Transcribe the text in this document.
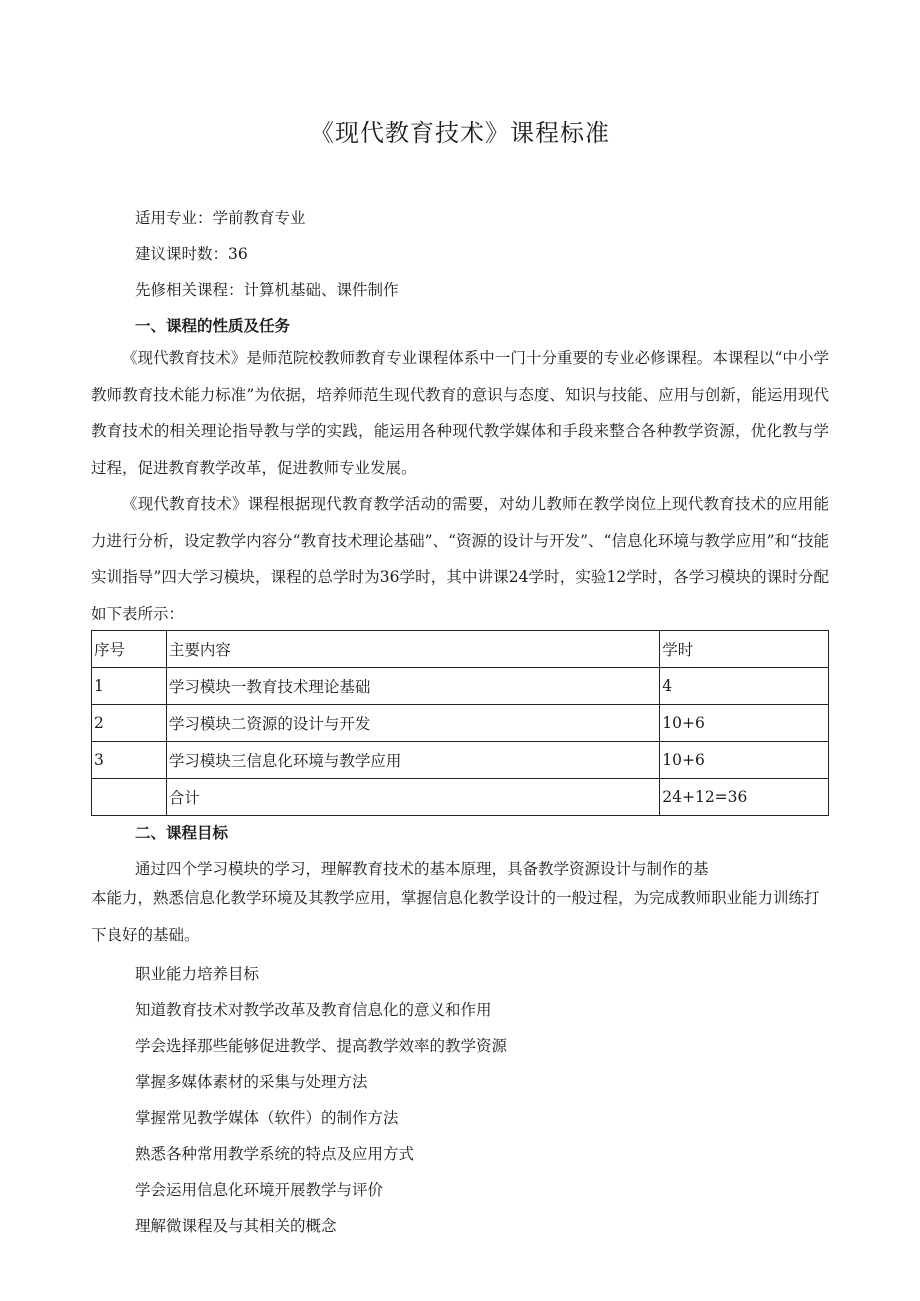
《现代教育技术》课程标准
适用专业：学前教育专业
建议课时数：36
先修相关课程：计算机基础、课件制作
一、课程的性质及任务
《现代教育技术》是师范院校教师教育专业课程体系中一门十分重要的专业必修课程。本课程以“中小学教师教育技术能力标准”为依据，培养师范生现代教育的意识与态度、知识与技能、应用与创新，能运用现代教育技术的相关理论指导教与学的实践，能运用各种现代教学媒体和手段来整合各种教学资源，优化教与学过程，促进教育教学改革，促进教师专业发展。
《现代教育技术》课程根据现代教育教学活动的需要，对幼儿教师在教学岗位上现代教育技术的应用能力进行分析，设定教学内容分“教育技术理论基础”、“资源的设计与开发”、“信息化环境与教学应用”和“技能实训指导”四大学习模块，课程的总学时为36学时，其中讲课24学时，实验12学时，各学习模块的课时分配如下表所示：
序号	主要内容	学时
1	学习模块一教育技术理论基础	4
2	学习模块二资源的设计与开发	10+6
3	学习模块三信息化环境与教学应用	10+6
	合计	24+12=36
二、课程目标
通过四个学习模块的学习，理解教育技术的基本原理，具备教学资源设计与制作的基
本能力，熟悉信息化教学环境及其教学应用，掌握信息化教学设计的一般过程，为完成教师职业能力训练打下良好的基础。
职业能力培养目标
知道教育技术对教学改革及教育信息化的意义和作用
学会选择那些能够促进教学、提高教学效率的教学资源
掌握多媒体素材的采集与处理方法
掌握常见教学媒体（软件）的制作方法
熟悉各种常用教学系统的特点及应用方式
学会运用信息化环境开展教学与评价
理解微课程及与其相关的概念
